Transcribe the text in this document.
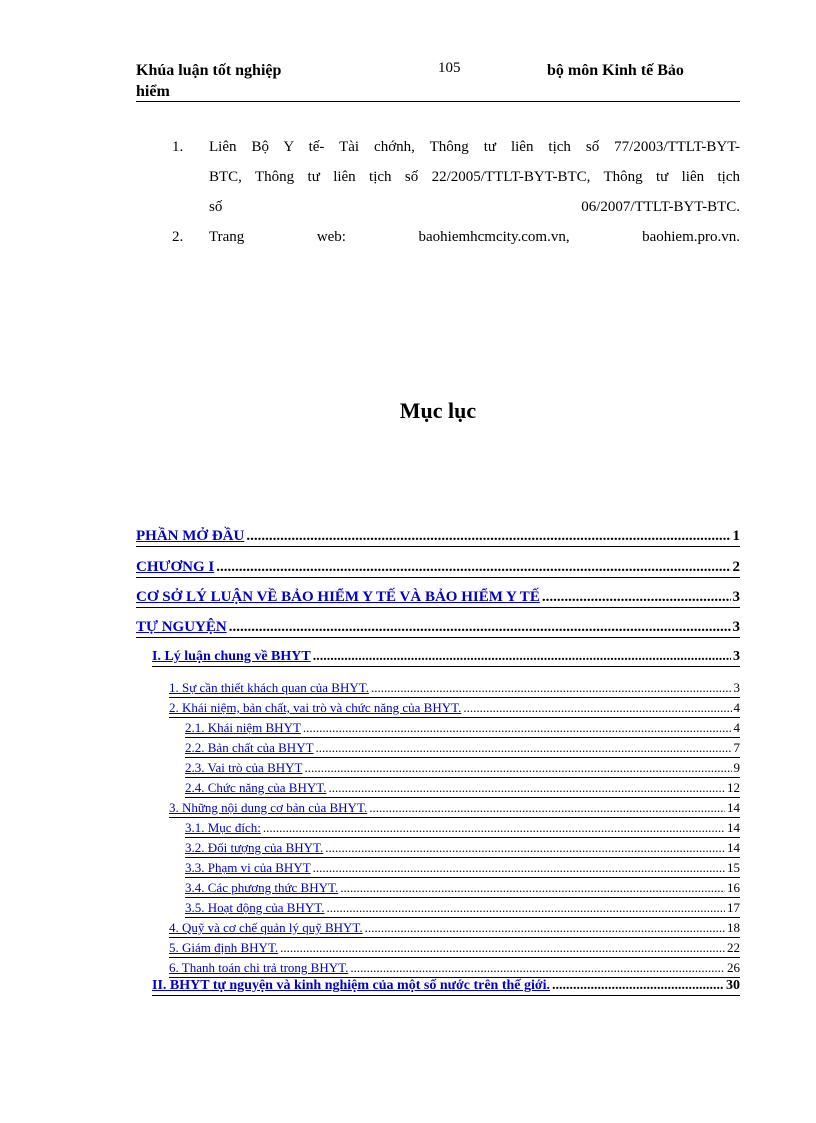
Khúa luận tốt nghiệp
hiểm
105	bộ môn Kinh tế Bảo
1. Liên Bộ Y tế- Tài chớnh, Thông tư liên tịch số 77/2003/TTLT-BYT-
BTC, Thông tư liên tịch số 22/2005/TTLT-BYT-BTC, Thông tư liên tịch
số 06/2007/TTLT-BYT-BTC.
2. Trang web: baohiemhcmcity.com.vn, baohiem.pro.vn.
Mục lục
PHẦN MỞ ĐẦU .....	1
CHƯƠNG I .....	2
CƠ SỞ LÝ LUẬN VỀ BẢO HIỂM Y TẾ VÀ BẢO HIỂM Y TẾ .....	3
TỰ NGUYỆN .....	3
I. Lý luận chung về BHYT .....	3
1. Sự cần thiết khách quan của BHYT. .....	3
2. Khái niệm, bản chất, vai trò và chức năng của BHYT. .....	4
2.1. Khái niệm BHYT .....	4
2.2. Bản chất của BHYT .....	7
2.3. Vai trò của BHYT .....	9
2.4. Chức năng của BHYT. .....	12
3. Những nội dung cơ bản của BHYT. .....	14
3.1. Mục đích: .....	14
3.2. Đối tượng của BHYT. .....	14
3.3. Phạm vi của BHYT .....	15
3.4. Các phương thức BHYT. .....	16
3.5. Hoạt động của BHYT. .....	17
4. Quỹ và cơ chế quản lý quỹ BHYT. .....	18
5. Giám định BHYT. .....	22
6. Thanh toán chi trả trong BHYT. .....	26
II. BHYT tự nguyện và kinh nghiệm của một số nước trên thế giới. .....	30
